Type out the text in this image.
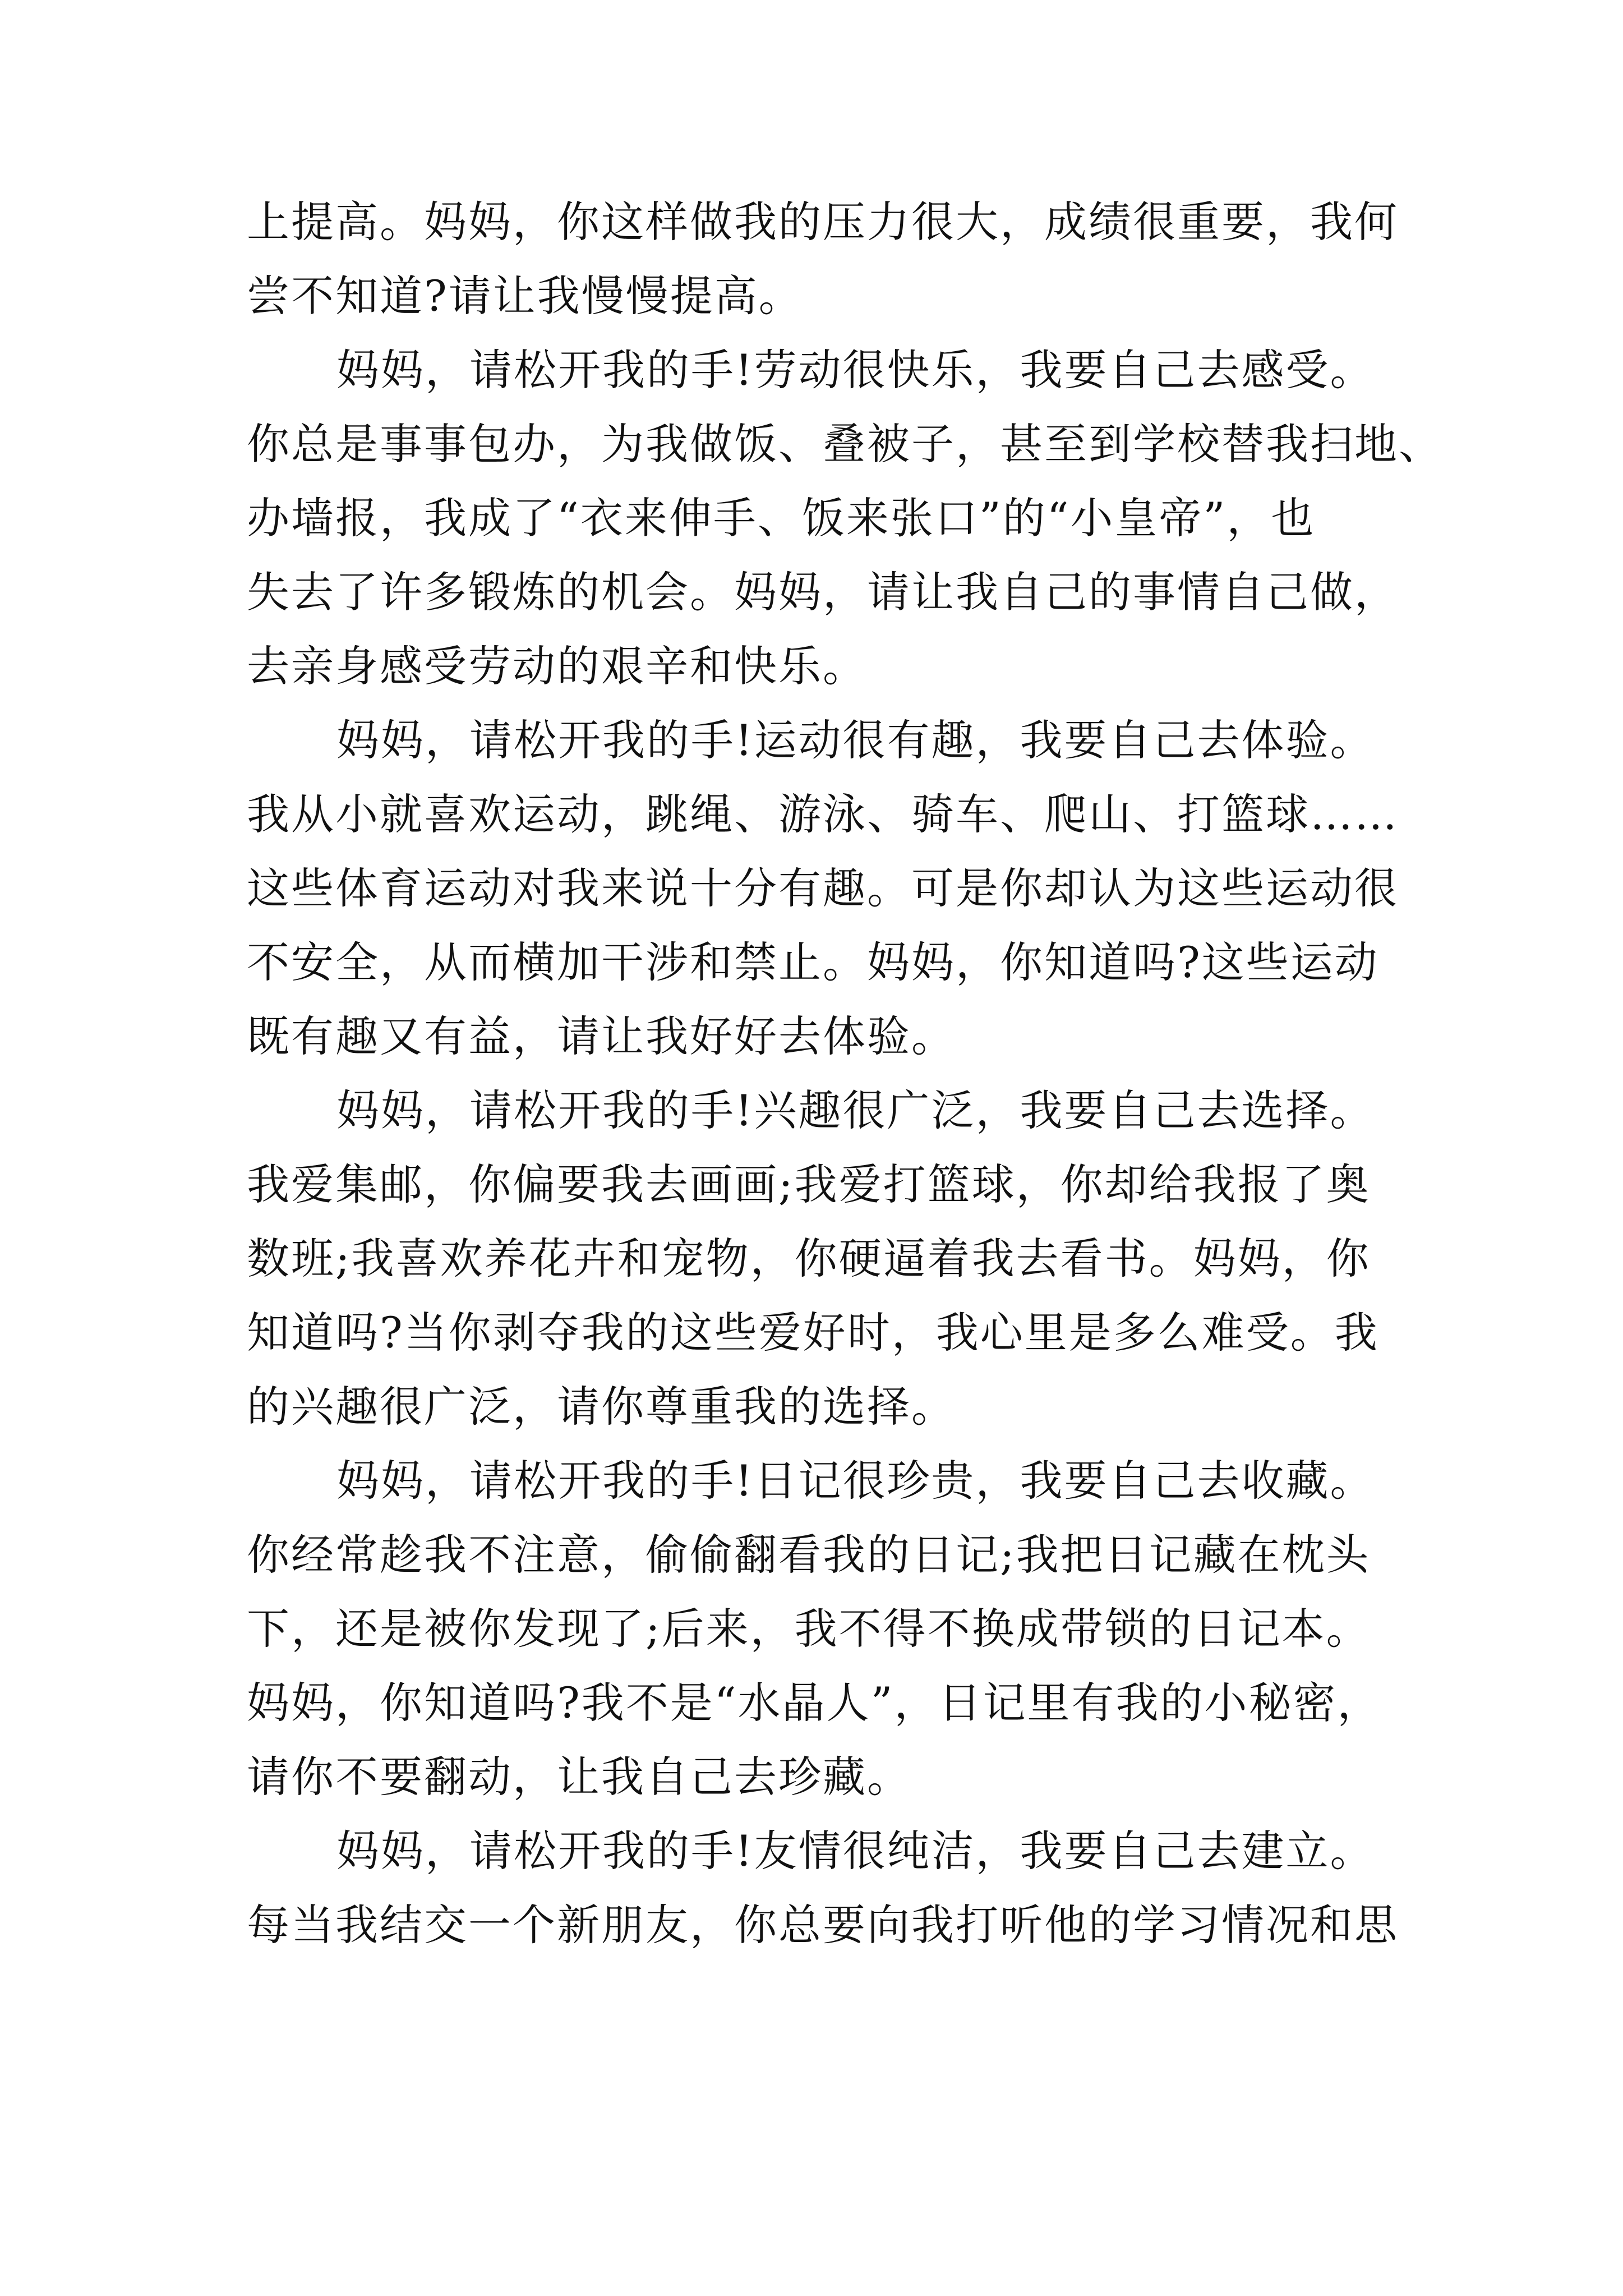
上提高。妈妈，你这样做我的压力很大，成绩很重要，我何
尝不知道?请让我慢慢提高。
妈妈，请松开我的手!劳动很快乐，我要自己去感受。
你总是事事包办，为我做饭、叠被子，甚至到学校替我扫地、
办墙报，我成了“衣来伸手、饭来张口”的“小皇帝”，也
失去了许多锻炼的机会。妈妈，请让我自己的事情自己做，
去亲身感受劳动的艰辛和快乐。
妈妈，请松开我的手!运动很有趣，我要自己去体验。
我从小就喜欢运动，跳绳、游泳、骑车、爬山、打篮球……
这些体育运动对我来说十分有趣。可是你却认为这些运动很
不安全，从而横加干涉和禁止。妈妈，你知道吗?这些运动
既有趣又有益，请让我好好去体验。
妈妈，请松开我的手!兴趣很广泛，我要自己去选择。
我爱集邮，你偏要我去画画;我爱打篮球，你却给我报了奥
数班;我喜欢养花卉和宠物，你硬逼着我去看书。妈妈，你
知道吗?当你剥夺我的这些爱好时，我心里是多么难受。我
的兴趣很广泛，请你尊重我的选择。
妈妈，请松开我的手!日记很珍贵，我要自己去收藏。
你经常趁我不注意，偷偷翻看我的日记;我把日记藏在枕头
下，还是被你发现了;后来，我不得不换成带锁的日记本。
妈妈，你知道吗?我不是“水晶人”，日记里有我的小秘密，
请你不要翻动，让我自己去珍藏。
妈妈，请松开我的手!友情很纯洁，我要自己去建立。
每当我结交一个新朋友，你总要向我打听他的学习情况和思
